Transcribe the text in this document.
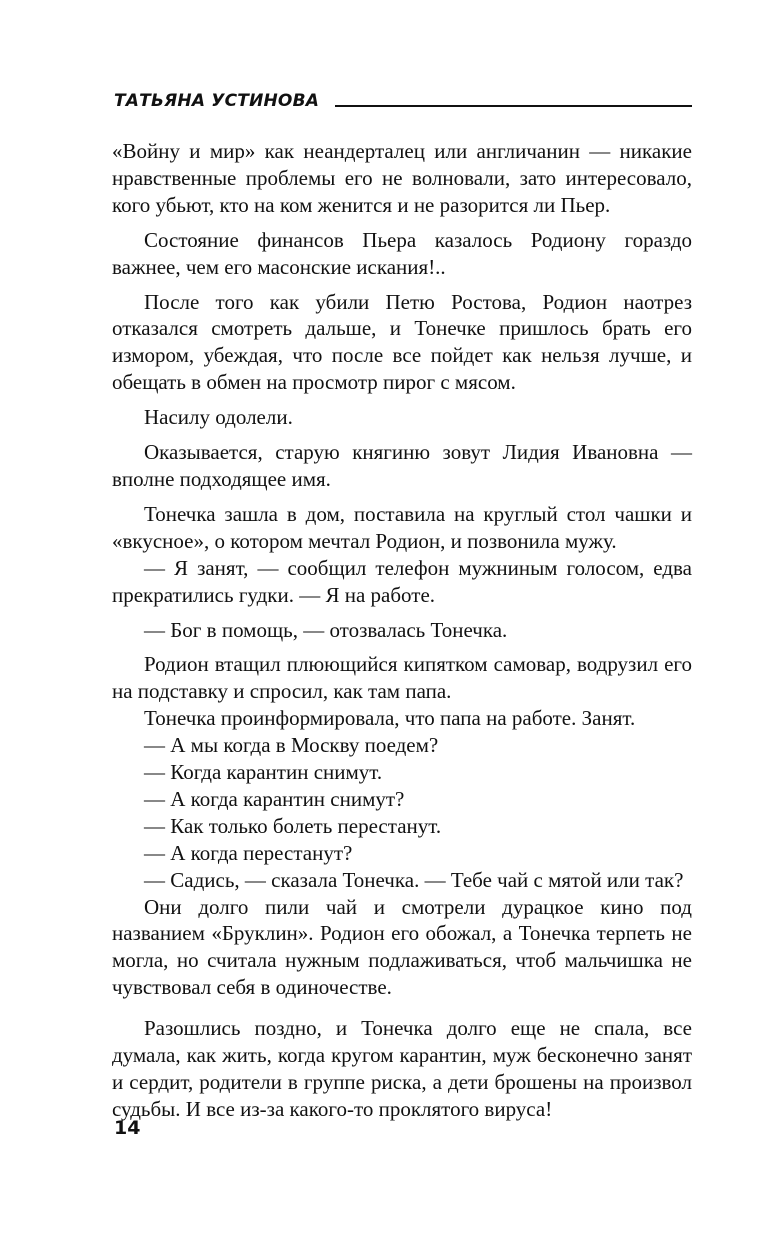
ТАТЬЯНА УСТИНОВА

«Войну и мир» как неандерталец или англичанин — никакие нравственные проблемы его не волновали, зато интересовало, кого убьют, кто на ком женится и не разорится ли Пьер.

Состояние финансов Пьера казалось Родиону гораздо важнее, чем его масонские искания!..

После того как убили Петю Ростова, Родион наотрез отказался смотреть дальше, и Тонечке пришлось брать его измором, убеждая, что после все пойдет как нельзя лучше, и обещать в обмен на просмотр пирог с мясом.

Насилу одолели.

Оказывается, старую княгиню зовут Лидия Ивановна — вполне подходящее имя.

Тонечка зашла в дом, поставила на круглый стол чашки и «вкусное», о котором мечтал Родион, и позвонила мужу.

— Я занят, — сообщил телефон мужниным голосом, едва прекратились гудки. — Я на работе.

— Бог в помощь, — отозвалась Тонечка.

Родион втащил плюющийся кипятком самовар, водрузил его на подставку и спросил, как там папа.

Тонечка проинформировала, что папа на работе. Занят.

— А мы когда в Москву поедем?

— Когда карантин снимут.

— А когда карантин снимут?

— Как только болеть перестанут.

— А когда перестанут?

— Садись, — сказала Тонечка. — Тебе чай с мятой или так?

Они долго пили чай и смотрели дурацкое кино под названием «Бруклин». Родион его обожал, а Тонечка терпеть не могла, но считала нужным подлаживаться, чтоб мальчишка не чувствовал себя в одиночестве.

Разошлись поздно, и Тонечка долго еще не спала, все думала, как жить, когда кругом карантин, муж бесконечно занят и сердит, родители в группе риска, а дети брошены на произвол судьбы. И все из-за какого-то проклятого вируса!

14
